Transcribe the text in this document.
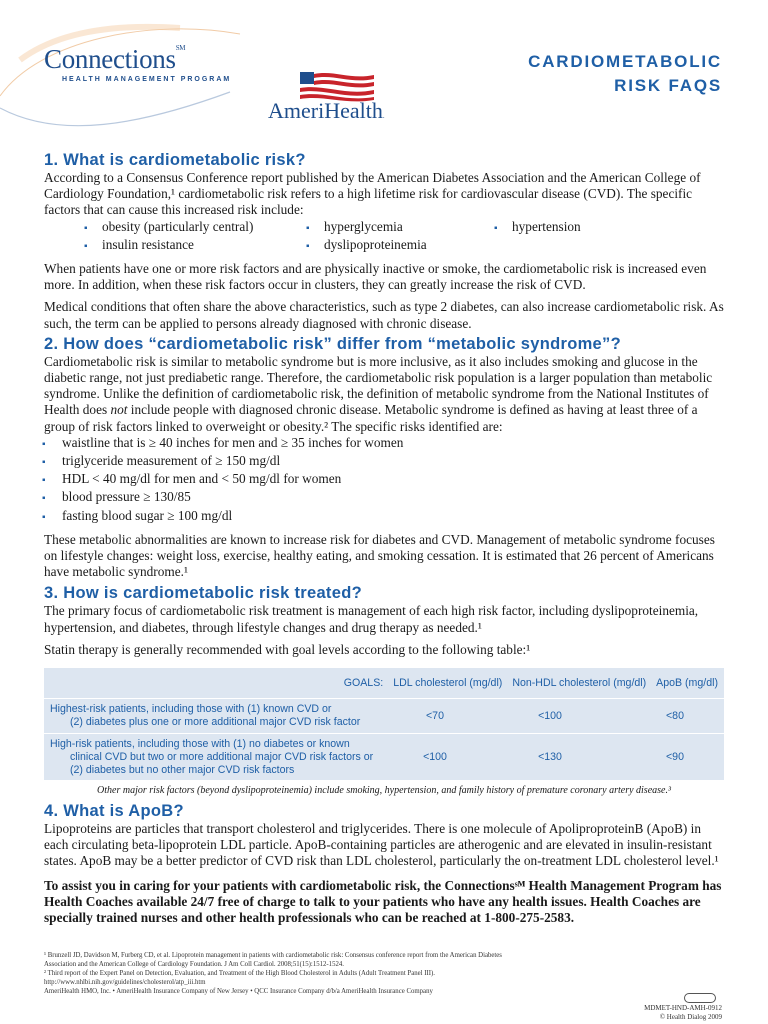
Connections℠
HEALTH MANAGEMENT PROGRAM
AmeriHealth.
CARDIOMETABOLIC
RISK FAQS
1. What is cardiometabolic risk?

According to a Consensus Conference report published by the American Diabetes Association and the American College of Cardiology Foundation,¹ cardiometabolic risk refers to a high lifetime risk for cardiovascular disease (CVD). The specific factors that can cause this increased risk include:

▪ obesity (particularly central)	▪ hyperglycemia	▪ hypertension
▪ insulin resistance	▪ dyslipoproteinemia

When patients have one or more risk factors and are physically inactive or smoke, the cardiometabolic risk is increased even more. In addition, when these risk factors occur in clusters, they can greatly increase the risk of CVD.

Medical conditions that often share the above characteristics, such as type 2 diabetes, can also increase cardiometabolic risk. As such, the term can be applied to persons already diagnosed with chronic disease.

2. How does “cardiometabolic risk” differ from “metabolic syndrome”?

Cardiometabolic risk is similar to metabolic syndrome but is more inclusive, as it also includes smoking and glucose in the diabetic range, not just prediabetic range. Therefore, the cardiometabolic risk population is a larger population than metabolic syndrome. Unlike the definition of cardiometabolic risk, the definition of metabolic syndrome from the National Institutes of Health does not include people with diagnosed chronic disease. Metabolic syndrome is defined as having at least three of a group of risk factors linked to overweight or obesity.² The specific risks identified are:

▪ waistline that is ≥ 40 inches for men and ≥ 35 inches for women
▪ triglyceride measurement of ≥ 150 mg/dl
▪ HDL < 40 mg/dl for men and < 50 mg/dl for women
▪ blood pressure ≥ 130/85
▪ fasting blood sugar ≥ 100 mg/dl

These metabolic abnormalities are known to increase risk for diabetes and CVD. Management of metabolic syndrome focuses on lifestyle changes: weight loss, exercise, healthy eating, and smoking cessation. It is estimated that 26 percent of Americans have metabolic syndrome.¹

3. How is cardiometabolic risk treated?

The primary focus of cardiometabolic risk treatment is management of each high risk factor, including dyslipoproteinemia, hypertension, and diabetes, through lifestyle changes and drug therapy as needed.¹

Statin therapy is generally recommended with goal levels according to the following table:¹

GOALS: LDL cholesterol (mg/dl) Non-HDL cholesterol (mg/dl) ApoB (mg/dl)
Highest-risk patients, including those with (1) known CVD or
(2) diabetes plus one or more additional major CVD risk factor	<70	<100	<80
High-risk patients, including those with (1) no diabetes or known
clinical CVD but two or more additional major CVD risk factors or
(2) diabetes but no other major CVD risk factors
<100	<130	<90
Other major risk factors (beyond dyslipoproteinemia) include smoking, hypertension, and family history of premature coronary artery disease.³
4. What is ApoB?

Lipoproteins are particles that transport cholesterol and triglycerides. There is one molecule of ApoliproproteinB (ApoB) in each circulating beta-lipoprotein LDL particle. ApoB-containing particles are atherogenic and are elevated in insulin-resistant states. ApoB may be a better predictor of CVD risk than LDL cholesterol, particularly the on-treatment LDL cholesterol level.¹

To assist you in caring for your patients with cardiometabolic risk, the Connectionsˢᴹ Health Management Program has Health Coaches available 24/7 free of charge to talk to your patients who have any health issues. Health Coaches are specially trained nurses and other health professionals who can be reached at 1-800-275-2583.
¹ Brunzell JD, Davidson M, Furberg CD, et al. Lipoprotein management in patients with cardiometabolic risk: Consensus conference report from the American Diabetes Association and the American College of Cardiology Foundation. J Am Coll Cardiol. 2008;51(15):1512-1524.
² Third report of the Expert Panel on Detection, Evaluation, and Treatment of the High Blood Cholesterol in Adults (Adult Treatment Panel III). http://www.nhlbi.nih.gov/guidelines/cholesterol/atp_iii.htm
AmeriHealth HMO, Inc. • AmeriHealth Insurance Company of New Jersey • QCC Insurance Company d/b/a AmeriHealth Insurance Company
MDMET-HND-AMH-0912
© Health Dialog 2009
